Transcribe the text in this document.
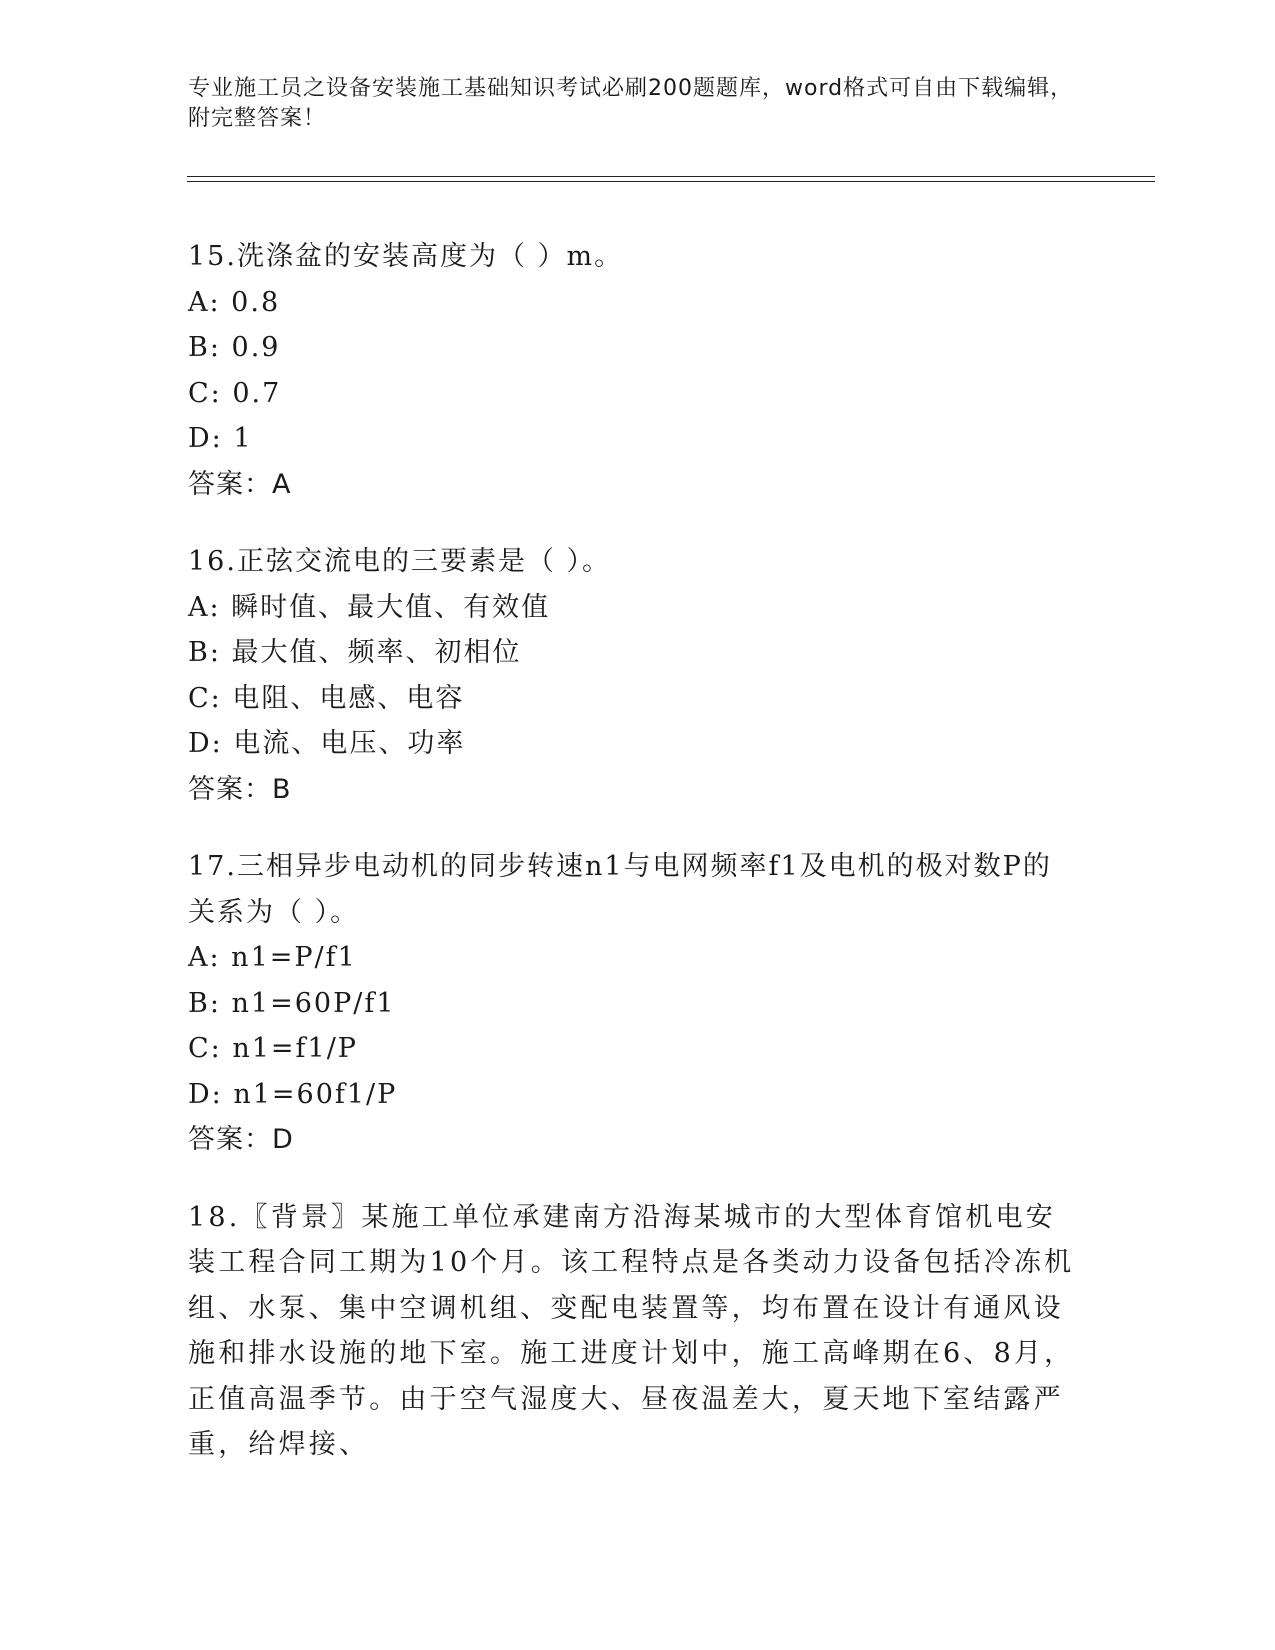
专业施工员之设备安装施工基础知识考试必刷200题题库，word格式可自由下载编辑，附完整答案！
15.洗涤盆的安装高度为（ ）m。
A: 0.8
B: 0.9
C: 0.7
D: 1
答案：A
16.正弦交流电的三要素是（ ）。
A: 瞬时值、最大值、有效值
B: 最大值、频率、初相位
C: 电阻、电感、电容
D: 电流、电压、功率
答案：B
17.三相异步电动机的同步转速n1与电网频率f1及电机的极对数P的关系为（ ）。
A: n1=P/f1
B: n1=60P/f1
C: n1=f1/P
D: n1=60f1/P
答案：D
18.〖背景〗某施工单位承建南方沿海某城市的大型体育馆机电安装工程合同工期为10个月。该工程特点是各类动力设备包括冷冻机组、水泵、集中空调机组、变配电装置等，均布置在设计有通风设施和排水设施的地下室。施工进度计划中，施工高峰期在6、8月，正值高温季节。由于空气湿度大、昼夜温差大，夏天地下室结露严重，给焊接、
